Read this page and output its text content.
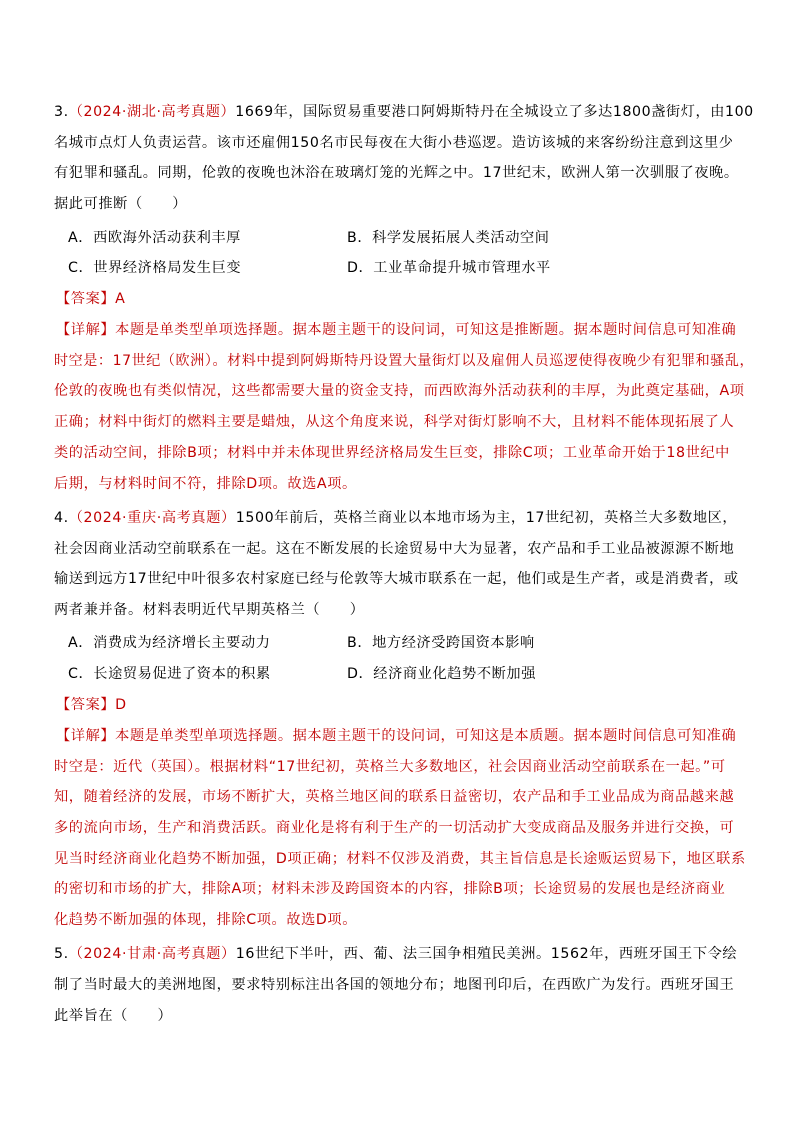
3.（2024·湖北·高考真题）1669年，国际贸易重要港口阿姆斯特丹在全城设立了多达1800盏街灯，由100
名城市点灯人负责运营。该市还雇佣150名市民每夜在大街小巷巡逻。造访该城的来客纷纷注意到这里少
有犯罪和骚乱。同期，伦敦的夜晚也沐浴在玻璃灯笼的光辉之中。17世纪末，欧洲人第一次驯服了夜晚。
据此可推断（　　）
A．西欧海外活动获利丰厚	B．科学发展拓展人类活动空间
C．世界经济格局发生巨变	D．工业革命提升城市管理水平
【答案】A
【详解】本题是单类型单项选择题。据本题主题干的设问词，可知这是推断题。据本题时间信息可知准确
时空是：17世纪（欧洲）。材料中提到阿姆斯特丹设置大量街灯以及雇佣人员巡逻使得夜晚少有犯罪和骚乱，
伦敦的夜晚也有类似情况，这些都需要大量的资金支持，而西欧海外活动获利的丰厚，为此奠定基础，A项
正确；材料中街灯的燃料主要是蜡烛，从这个角度来说，科学对街灯影响不大，且材料不能体现拓展了人
类的活动空间，排除B项；材料中并未体现世界经济格局发生巨变，排除C项；工业革命开始于18世纪中
后期，与材料时间不符，排除D项。故选A项。
4.（2024·重庆·高考真题）1500年前后，英格兰商业以本地市场为主，17世纪初，英格兰大多数地区，
社会因商业活动空前联系在一起。这在不断发展的长途贸易中大为显著，农产品和手工业品被源源不断地
输送到远方17世纪中叶很多农村家庭已经与伦敦等大城市联系在一起，他们或是生产者，或是消费者，或
两者兼并备。材料表明近代早期英格兰（　　）
A．消费成为经济增长主要动力	B．地方经济受跨国资本影响
C．长途贸易促进了资本的积累	D．经济商业化趋势不断加强
【答案】D
【详解】本题是单类型单项选择题。据本题主题干的设问词，可知这是本质题。据本题时间信息可知准确
时空是：近代（英国）。根据材料“17世纪初，英格兰大多数地区，社会因商业活动空前联系在一起。”可
知，随着经济的发展，市场不断扩大，英格兰地区间的联系日益密切，农产品和手工业品成为商品越来越
多的流向市场，生产和消费活跃。商业化是将有利于生产的一切活动扩大变成商品及服务并进行交换，可
见当时经济商业化趋势不断加强，D项正确；材料不仅涉及消费，其主旨信息是长途贩运贸易下，地区联系
的密切和市场的扩大，排除A项；材料未涉及跨国资本的内容，排除B项；长途贸易的发展也是经济商业
化趋势不断加强的体现，排除C项。故选D项。
5.（2024·甘肃·高考真题）16世纪下半叶，西、葡、法三国争相殖民美洲。1562年，西班牙国王下令绘
制了当时最大的美洲地图，要求特别标注出各国的领地分布；地图刊印后，在西欧广为发行。西班牙国王
此举旨在（　　）
